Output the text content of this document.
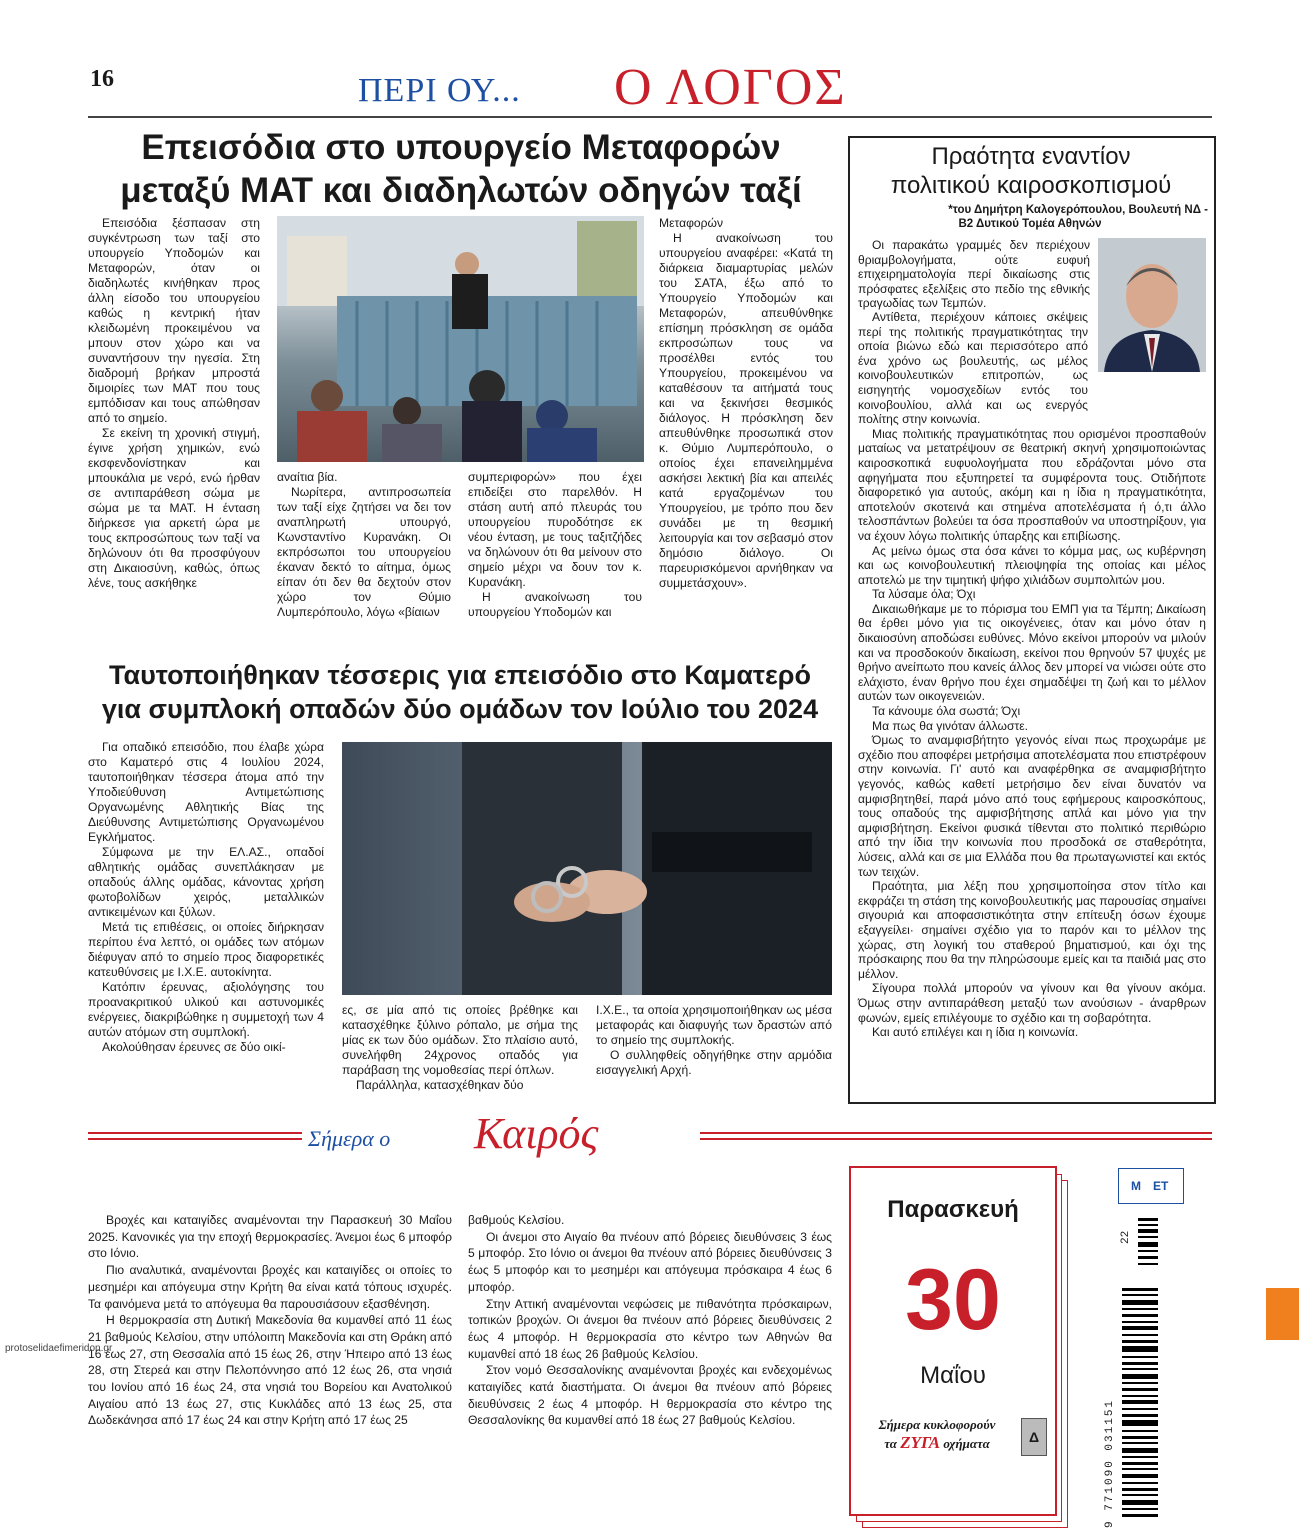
16	ΠΕΡΙ ΟΥ... Ο ΛΟΓΟΣ
Επεισόδια στο υπουργείο Μεταφορών
μεταξύ ΜΑΤ και διαδηλωτών οδηγών ταξί

Επεισόδια ξέσπασαν στη συγκέντρωση των ταξί στο υπουργείο Υποδομών και Μεταφορών, όταν οι διαδηλωτές κινήθηκαν προς άλλη είσοδο του υπουργείου καθώς η κεντρική ήταν κλειδωμένη προκειμένου να μπουν στον χώρο και να συναντήσουν την ηγεσία. Στη διαδρομή βρήκαν μπροστά διμοιρίες των ΜΑΤ που τους εμπόδισαν και τους απώθησαν από το σημείο.

Σε εκείνη τη χρονική στιγμή, έγινε χρήση χημικών, ενώ εκσφενδονίστηκαν και μπουκάλια με νερό, ενώ ήρθαν σε αντιπαράθεση σώμα με σώμα με τα ΜΑΤ. Η ένταση διήρκεσε για αρκετή ώρα με τους εκπροσώπους των ταξί να δηλώνουν ότι θα προσφύγουν στη Δικαιοσύνη, καθώς, όπως λένε, τους ασκήθηκε

αναίτια βία.
Νωρίτερα, αντιπροσωπεία των ταξί είχε ζητήσει να δει τον αναπληρωτή υπουργό, Κωνσταντίνο Κυρανάκη. Οι εκπρόσωποι του υπουργείου έκαναν δεκτό το αίτημα, όμως είπαν ότι δεν θα δεχτούν στον χώρο τον Θύμιο Λυμπερόπουλο, λόγω «βίαιων
συμπεριφορών» που έχει επιδείξει στο παρελθόν. Η στάση αυτή από πλευράς του υπουργείου πυροδότησε εκ νέου ένταση, με τους ταξιτζήδες να δηλώνουν ότι θα μείνουν στο σημείο μέχρι να δουν τον κ. Κυρανάκη.
Η ανακοίνωση του υπουργείου Υποδομών και
Μεταφορών
Η ανακοίνωση του υπουργείου αναφέρει: «Κατά τη διάρκεια διαμαρτυρίας μελών του ΣΑΤΑ, έξω από το Υπουργείο Υποδομών και Μεταφορών, απευθύνθηκε επίσημη πρόσκληση σε ομάδα εκπροσώπων τους να προσέλθει εντός του Υπουργείου, προκειμένου να καταθέσουν τα αιτήματά τους και να ξεκινήσει θεσμικός διάλογος. Η πρόσκληση δεν απευθύνθηκε προσωπικά στον κ. Θύμιο Λυμπερόπουλο, ο οποίος έχει επανειλημμένα ασκήσει λεκτική βία και απειλές κατά εργαζομένων του Υπουργείου, με τρόπο που δεν συνάδει με τη θεσμική λειτουργία και τον σεβασμό στον δημόσιο διάλογο. Οι παρευρισκόμενοι αρνήθηκαν να συμμετάσχουν».
Ταυτοποιήθηκαν τέσσερις για επεισόδιο στο Καματερό
για συμπλοκή οπαδών δύο ομάδων τον Ιούλιο του 2024

Για οπαδικό επεισόδιο, που έλαβε χώρα στο Καματερό στις 4 Ιουλίου 2024, ταυτοποιήθηκαν τέσσερα άτομα από την Υποδιεύθυνση Αντιμετώπισης Οργανωμένης Αθλητικής Βίας της Διεύθυνσης Αντιμετώπισης Οργανωμένου Εγκλήματος.

Σύμφωνα με την ΕΛ.ΑΣ., οπαδοί αθλητικής ομάδας συνεπλάκησαν με οπαδούς άλλης ομάδας, κάνοντας χρήση φωτοβολίδων χειρός, μεταλλικών αντικειμένων και ξύλων.

Μετά τις επιθέσεις, οι οποίες διήρκησαν περίπου ένα λεπτό, οι ομάδες των ατόμων διέφυγαν από το σημείο προς διαφορετικές κατευθύνσεις με Ι.Χ.Ε. αυτοκίνητα.

Κατόπιν έρευνας, αξιολόγησης του προανακριτικού υλικού και αστυνομικές ενέργειες, διακριβώθηκε η συμμετοχή των 4 αυτών ατόμων στη συμπλοκή.

Ακολούθησαν έρευνες σε δύο οικί-

ες, σε μία από τις οποίες βρέθηκε και κατασχέθηκε ξύλινο ρόπαλο, με σήμα της μίας εκ των δύο ομάδων. Στο πλαίσιο αυτό, συνελήφθη 24χρονος οπαδός για παράβαση της νομοθεσίας περί όπλων.
Παράλληλα, κατασχέθηκαν δύο
Ι.Χ.Ε., τα οποία χρησιμοποιήθηκαν ως μέσα μεταφοράς και διαφυγής των δραστών από το σημείο της συμπλοκής.
Ο συλληφθείς οδηγήθηκε στην αρμόδια εισαγγελική Αρχή.
Πραότητα εναντίον
πολιτικού καιροσκοπισμού
*του Δημήτρη Καλογερόπουλου, Βουλευτή ΝΔ -
Β2 Δυτικού Τομέα Αθηνών

Οι παρακάτω γραμμές δεν περιέχουν θριαμβολογήματα, ούτε ευφυή επιχειρηματολογία περί δικαίωσης στις πρόσφατες εξελίξεις στο πεδίο της εθνικής τραγωδίας των Τεμπών.

Αντίθετα, περιέχουν κάποιες σκέψεις περί της πολιτικής πραγματικότητας την οποία βιώνω εδώ και περισσότερο από ένα χρόνο ως βουλευτής, ως μέλος κοινοβουλευτικών επιτροπών, ως εισηγητής νομοσχεδίων εντός του κοινοβουλίου, αλλά και ως ενεργός πολίτης στην κοινωνία.

Μιας πολιτικής πραγματικότητας που ορισμένοι προσπαθούν ματαίως να μετατρέψουν σε θεατρική σκηνή χρησιμοποιώντας καιροσκοπικά ευφυολογήματα που εδράζονται μόνο στα αφηγήματα που εξυπηρετεί τα συμφέροντα τους. Οτιδήποτε διαφορετικό για αυτούς, ακόμη και η ίδια η πραγματικότητα, αποτελούν σκοτεινά και στημένα αποτελέσματα ή ό,τι άλλο τελοσπάντων βολεύει τα όσα προσπαθούν να υποστηρίξουν, για να έχουν λόγω πολιτικής ύπαρξης και επιβίωσης.

Ας μείνω όμως στα όσα κάνει το κόμμα μας, ως κυβέρνηση και ως κοινοβουλευτική πλειοψηφία της οποίας και μέλος αποτελώ με την τιμητική ψήφο χιλιάδων συμπολιτών μου.

Τα λύσαμε όλα; Όχι

Δικαιωθήκαμε με το πόρισμα του ΕΜΠ για τα Τέμπη; Δικαίωση θα έρθει μόνο για τις οικογένειες, όταν και μόνο όταν η δικαιοσύνη αποδώσει ευθύνες. Μόνο εκείνοι μπορούν να μιλούν και να προσδοκούν δικαίωση, εκείνοι που θρηνούν 57 ψυχές με θρήνο ανείπωτο που κανείς άλλος δεν μπορεί να νιώσει ούτε στο ελάχιστο, έναν θρήνο που έχει σημαδέψει τη ζωή και το μέλλον αυτών των οικογενειών.

Τα κάνουμε όλα σωστά; Όχι

Μα πως θα γινόταν άλλωστε.

Όμως το αναμφισβήτητο γεγονός είναι πως προχωράμε με σχέδιο που αποφέρει μετρήσιμα αποτελέσματα που επιστρέφουν στην κοινωνία. Γι' αυτό και αναφέρθηκα σε αναμφισβήτητο γεγονός, καθώς καθετί μετρήσιμο δεν είναι δυνατόν να αμφισβητηθεί, παρά μόνο από τους εφήμερους καιροσκόπους, τους οπαδούς της αμφισβήτησης απλά και μόνο για την αμφισβήτηση. Εκείνοι φυσικά τίθενται στο πολιτικό περιθώριο από την ίδια την κοινωνία που προσδοκά σε σταθερότητα, λύσεις, αλλά και σε μια Ελλάδα που θα πρωταγωνιστεί και εκτός των τειχών.

Πραότητα, μια λέξη που χρησιμοποίησα στον τίτλο και εκφράζει τη στάση της κοινοβουλευτικής μας παρουσίας σημαίνει σιγουριά και αποφασιστικότητα στην επίτευξη όσων έχουμε εξαγγείλει· σημαίνει σχέδιο για το παρόν και το μέλλον της χώρας, στη λογική του σταθερού βηματισμού, και όχι της πρόσκαιρης που θα την πληρώσουμε εμείς και τα παιδιά μας στο μέλλον.

Σίγουρα πολλά μπορούν να γίνουν και θα γίνουν ακόμα. Όμως στην αντιπαράθεση μεταξύ των ανούσιων - άναρθρων φωνών, εμείς επιλέγουμε το σχέδιο και τη σοβαρότητα.

Και αυτό επιλέγει και η ίδια η κοινωνία.

Σήμερα ο Καιρός

Βροχές και καταιγίδες αναμένονται την Παρασκευή 30 Μαΐου 2025. Κανονικές για την εποχή θερμοκρασίες. Άνεμοι έως 6 μποφόρ στο Ιόνιο.

Πιο αναλυτικά, αναμένονται βροχές και καταιγίδες οι οποίες το μεσημέρι και απόγευμα στην Κρήτη θα είναι κατά τόπους ισχυρές. Τα φαινόμενα μετά το απόγευμα θα παρουσιάσουν εξασθένηση.

Η θερμοκρασία στη Δυτική Μακεδονία θα κυμανθεί από 11 έως 21 βαθμούς Κελσίου, στην υπόλοιπη Μακεδονία και στη Θράκη από 16 έως 27, στη Θεσσαλία από 15 έως 26, στην Ήπειρο από 13 έως 28, στη Στερεά και στην Πελοπόννησο από 12 έως 26, στα νησιά του Ιονίου από 16 έως 24, στα νησιά του Βορείου και Ανατολικού Αιγαίου από 13 έως 27, στις Κυκλάδες από 13 έως 25, στα Δωδεκάνησα από 17 έως 24 και στην Κρήτη από 17 έως 25

βαθμούς Κελσίου.

Οι άνεμοι στο Αιγαίο θα πνέουν από βόρειες διευθύνσεις 3 έως 5 μποφόρ. Στο Ιόνιο οι άνεμοι θα πνέουν από βόρειες διευθύνσεις 3 έως 5 μποφόρ και το μεσημέρι και απόγευμα πρόσκαιρα 4 έως 6 μποφόρ.

Στην Αττική αναμένονται νεφώσεις με πιθανότητα πρόσκαιρων, τοπικών βροχών. Οι άνεμοι θα πνέουν από βόρειες διευθύνσεις 2 έως 4 μποφόρ. Η θερμοκρασία στο κέντρο των Αθηνών θα κυμανθεί από 18 έως 26 βαθμούς Κελσίου.

Στον νομό Θεσσαλονίκης αναμένονται βροχές και ενδεχομένως καταιγίδες κατά διαστήματα. Οι άνεμοι θα πνέουν από βόρειες διευθύνσεις 2 έως 4 μποφόρ. Η θερμοκρασία στο κέντρο της Θεσσαλονίκης θα κυμανθεί από 18 έως 27 βαθμούς Κελσίου.

Παρασκευή
30
Μαΐου
Σήμερα κυκλοφορούν
τα ΖΥΓΑ οχήματα	Δ
Μ ΕΤ
9 771090 031151
22
protoselidaefimeridon.gr
